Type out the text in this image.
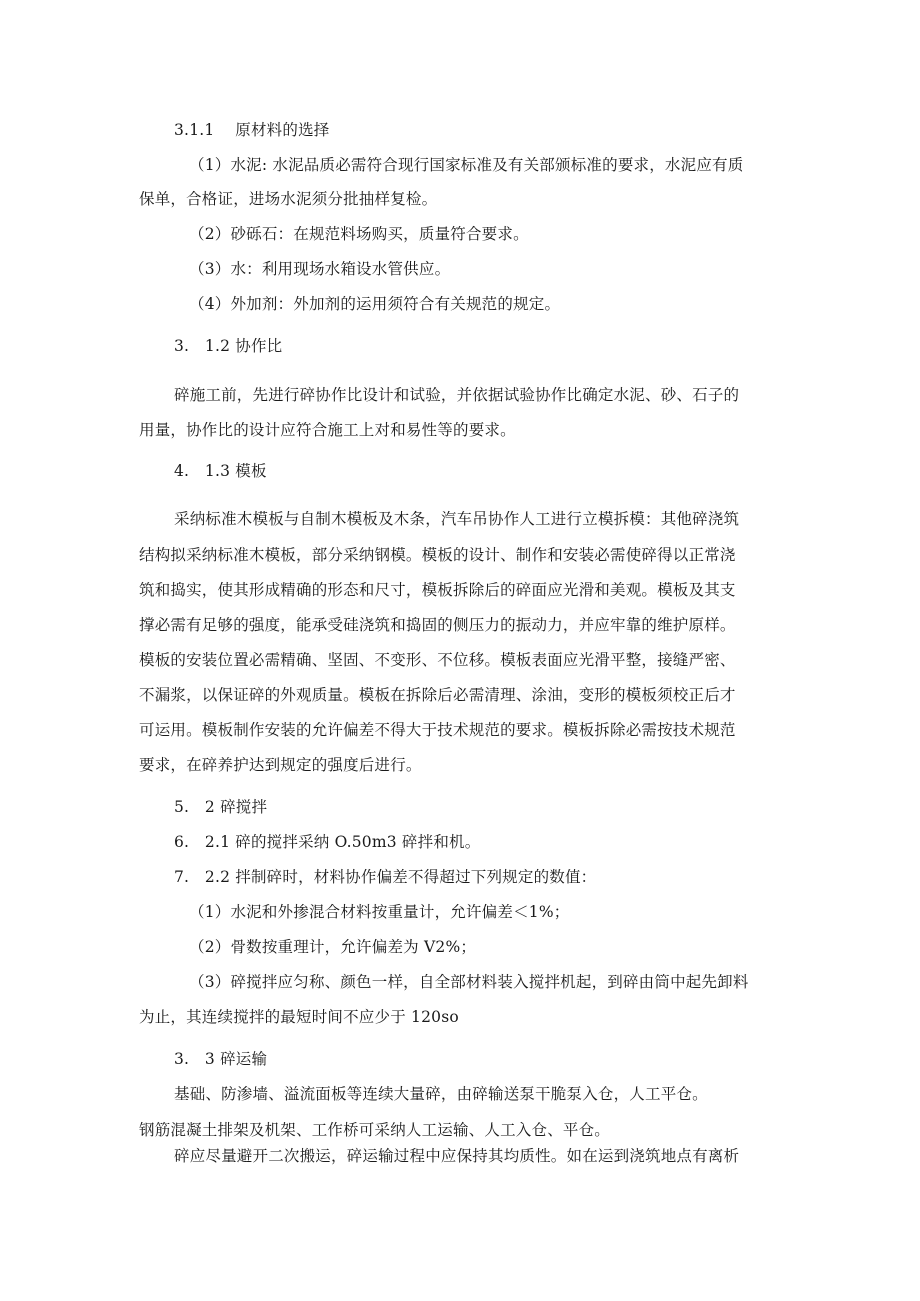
3.1.1　 原材料的选择
（1）水泥: 水泥品质必需符合现行国家标准及有关部颁标准的要求，水泥应有质
保单，合格证，进场水泥须分批抽样复检。
（2）砂砾石：在规范料场购买，质量符合要求。
（3）水：利用现场水箱设水管供应。
（4）外加剂：外加剂的运用须符合有关规范的规定。
3.　1.2 协作比
碎施工前，先进行碎协作比设计和试验，并依据试验协作比确定水泥、砂、石子的
用量，协作比的设计应符合施工上对和易性等的要求。
4.　1.3 模板
采纳标准木模板与自制木模板及木条，汽车吊协作人工进行立模拆模：其他碎浇筑
结构拟采纳标准木模板，部分采纳钢模。模板的设计、制作和安装必需使碎得以正常浇
筑和捣实，使其形成精确的形态和尺寸，模板拆除后的碎面应光滑和美观。模板及其支
撑必需有足够的强度，能承受硅浇筑和捣固的侧压力的振动力，并应牢靠的维护原样。
模板的安装位置必需精确、坚固、不变形、不位移。模板表面应光滑平整，接缝严密、
不漏浆，以保证碎的外观质量。模板在拆除后必需清理、涂油，变形的模板须校正后才
可运用。模板制作安装的允许偏差不得大于技术规范的要求。模板拆除必需按技术规范
要求，在碎养护达到规定的强度后进行。
5.　2 碎搅拌
6.　2.1 碎的搅拌采纳 O.50m3 碎拌和机。
7.　2.2 拌制碎时，材料协作偏差不得超过下列规定的数值：
（1）水泥和外掺混合材料按重量计，允许偏差＜1%；
（2）骨数按重理计，允许偏差为 V2%；
（3）碎搅拌应匀称、颜色一样，自全部材料装入搅拌机起，到碎由筒中起先卸料
为止，其连续搅拌的最短时间不应少于 120so
3.　3 碎运输
基础、防渗墙、溢流面板等连续大量碎，由碎输送泵干脆泵入仓，人工平仓。
钢筋混凝土排架及机架、工作桥可采纳人工运输、人工入仓、平仓。
碎应尽量避开二次搬运，碎运输过程中应保持其均质性。如在运到浇筑地点有离析
